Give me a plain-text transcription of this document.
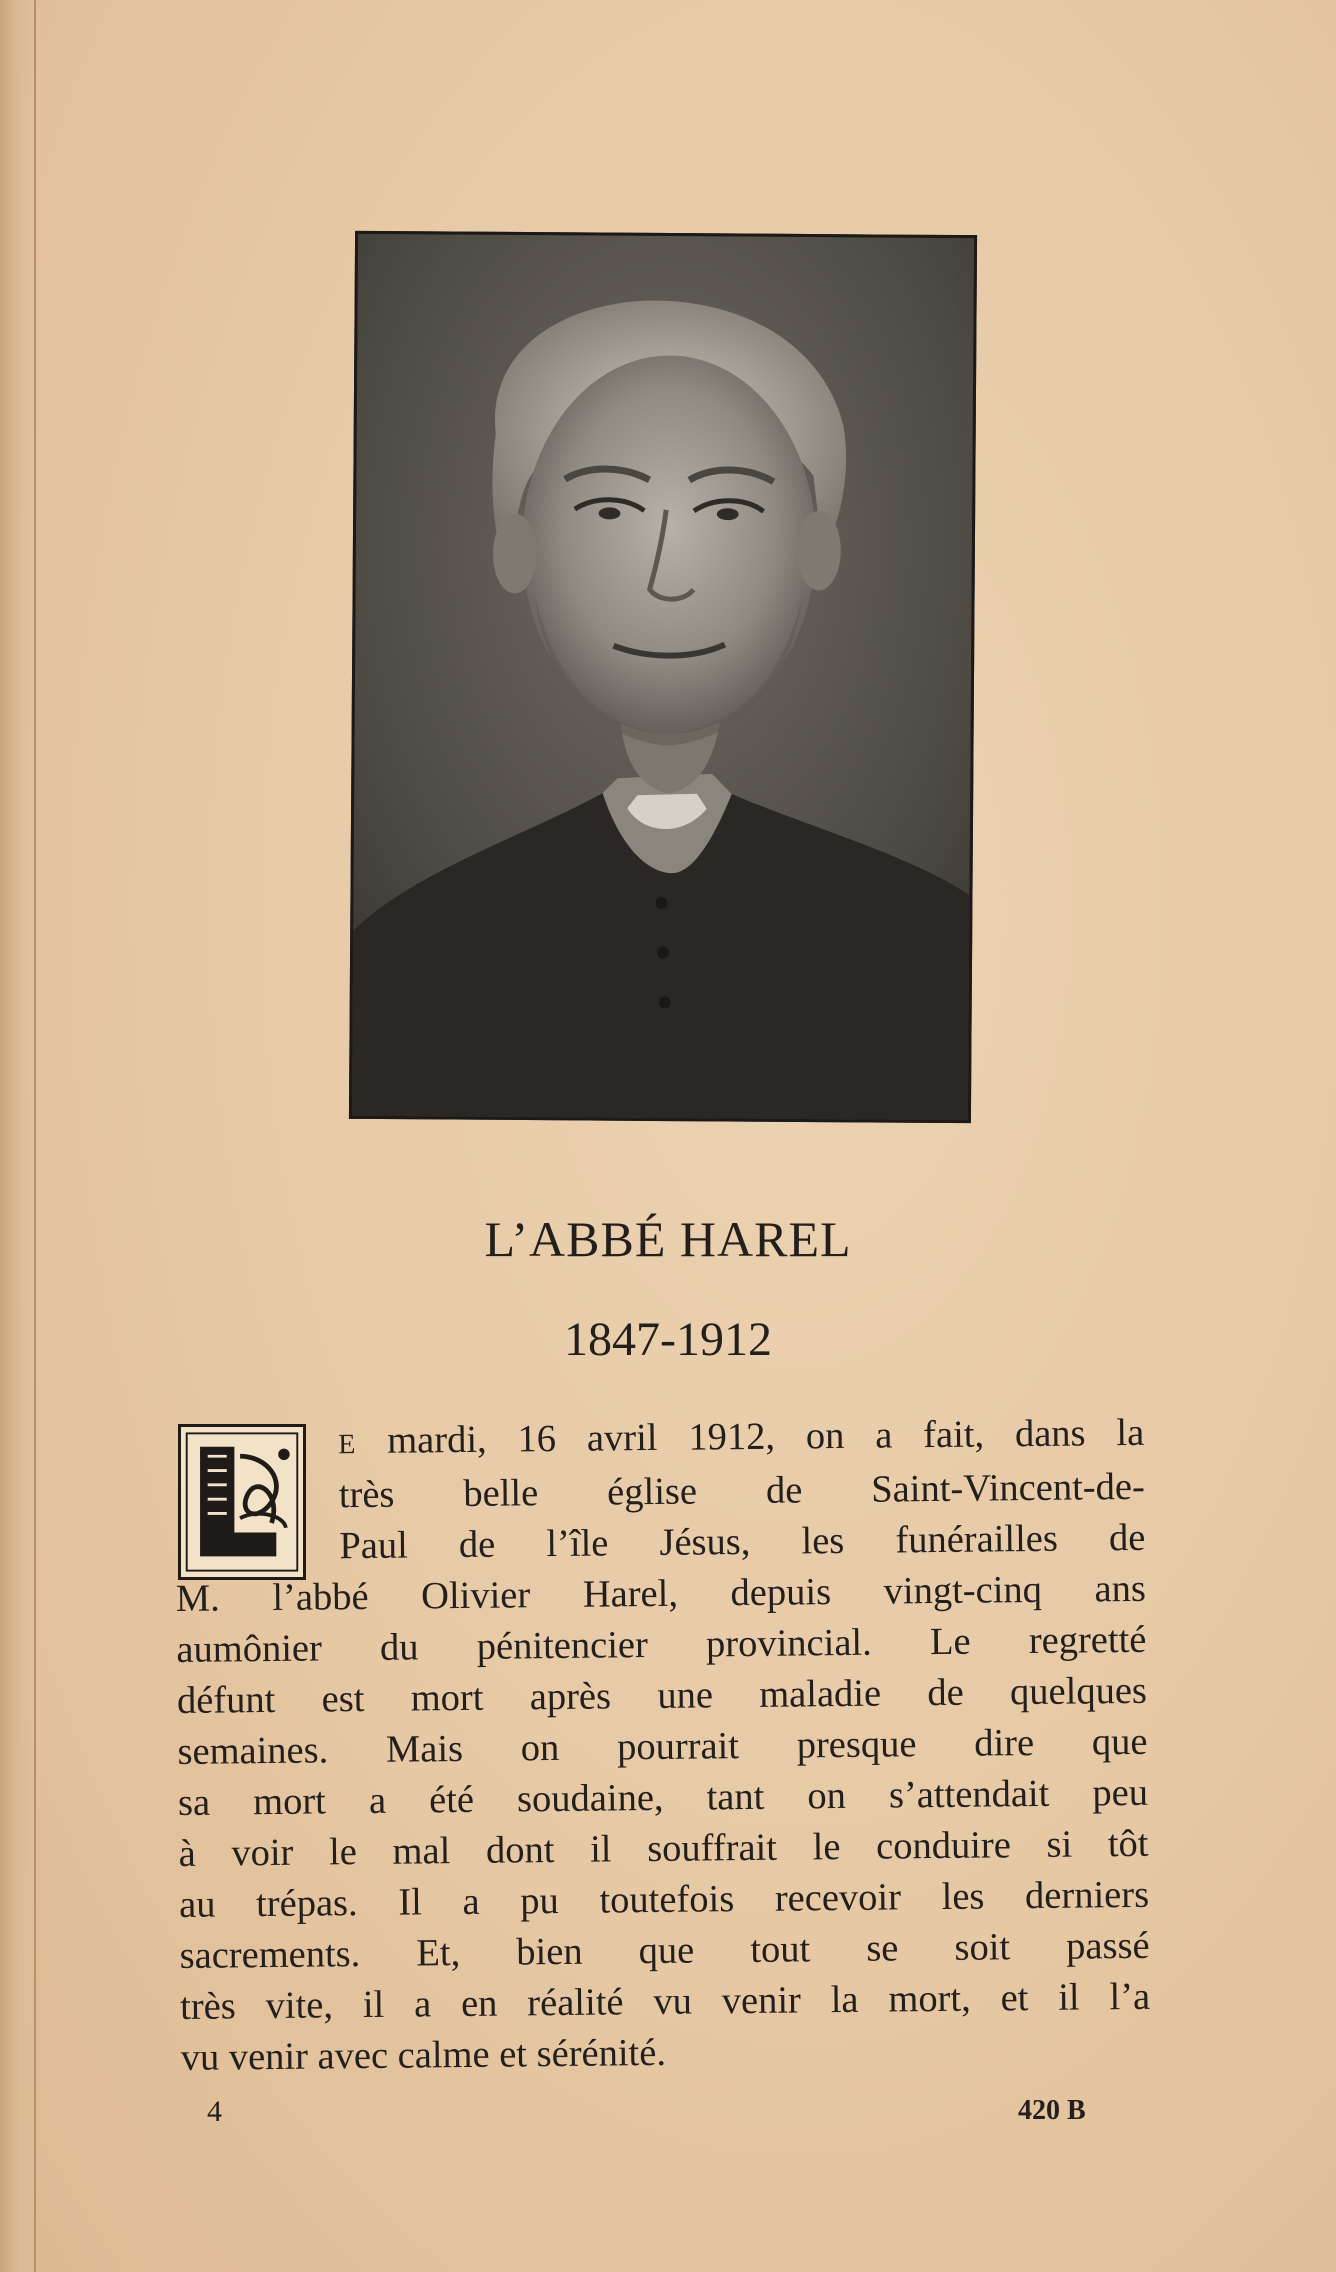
L’ABBÉ HAREL
1847-1912
E mardi, 16 avril 1912, on a fait, dans la
très belle église de Saint-Vincent-de-
Paul de l’île Jésus, les funérailles de
M. l’abbé Olivier Harel, depuis vingt-cinq ans
aumônier du pénitencier provincial. Le regretté
défunt est mort après une maladie de quelques
semaines. Mais on pourrait presque dire que
sa mort a été soudaine, tant on s’attendait peu
à voir le mal dont il souffrait le conduire si tôt
au trépas. Il a pu toutefois recevoir les derniers
sacrements. Et, bien que tout se soit passé
très vite, il a en réalité vu venir la mort, et il l’a
vu venir avec calme et sérénité.
4	420 B
